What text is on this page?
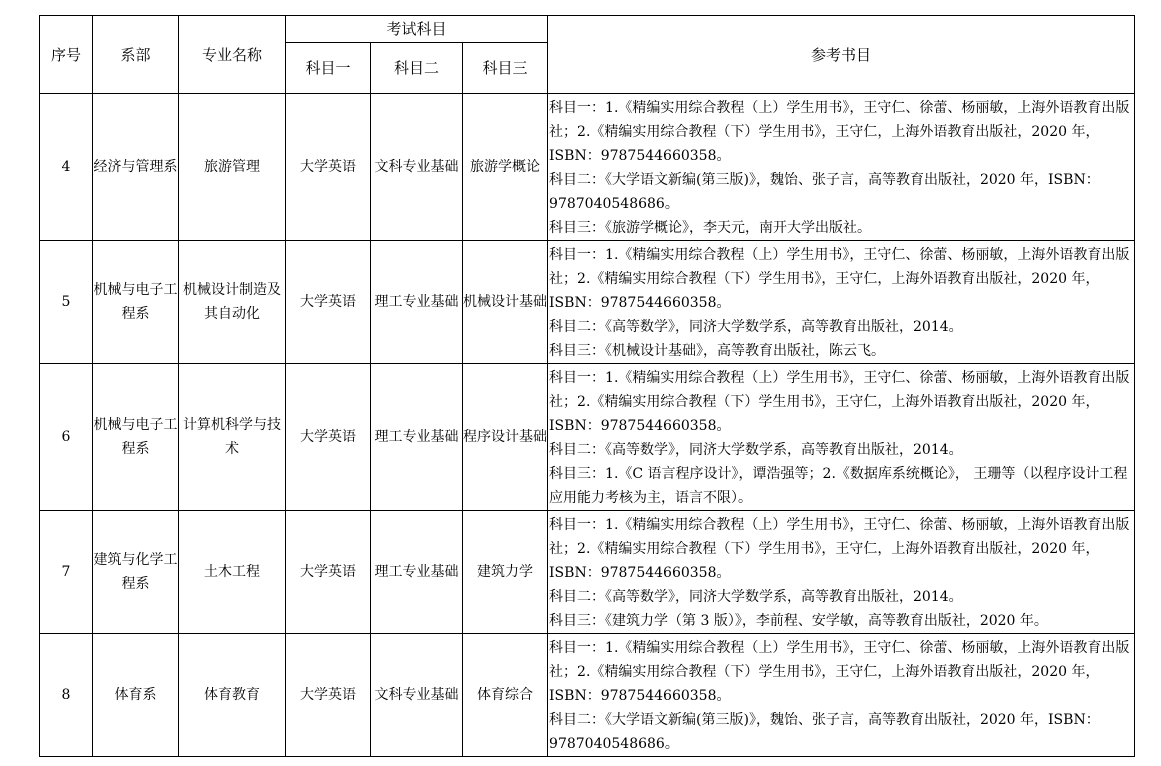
序号	系部	专业名称	考试科目			参考书目
			科目一	科目二	科目三	
4	经济与管理系	旅游管理	大学英语	文科专业基础	旅游学概论	科目一：1.《精编实用综合教程（上）学生用书》，王守仁、徐蕾、杨丽敏，上海外语教育出版社；2.《精编实用综合教程（下）学生用书》，王守仁，上海外语教育出版社，2020 年，ISBN：9787544660358。
科目二：《大学语文新编(第三版)》，魏饴、张子言，高等教育出版社，2020 年，ISBN：9787040548686。
科目三：《旅游学概论》，李天元，南开大学出版社。

5	机械与电子工程系	机械设计制造及其自动化	大学英语	理工专业基础	机械设计基础	科目一：1.《精编实用综合教程（上）学生用书》，王守仁、徐蕾、杨丽敏，上海外语教育出版社；2.《精编实用综合教程（下）学生用书》，王守仁，上海外语教育出版社，2020 年，ISBN：9787544660358。
科目二：《高等数学》，同济大学数学系，高等教育出版社，2014。
科目三：《机械设计基础》，高等教育出版社，陈云飞。

6	机械与电子工程系	计算机科学与技术	大学英语	理工专业基础	程序设计基础	科目一：1.《精编实用综合教程（上）学生用书》，王守仁、徐蕾、杨丽敏，上海外语教育出版社；2.《精编实用综合教程（下）学生用书》，王守仁，上海外语教育出版社，2020 年，ISBN：9787544660358。
科目二：《高等数学》，同济大学数学系，高等教育出版社，2014。
科目三：1.《C 语言程序设计》，谭浩强等；2.《数据库系统概论》， 王珊等（以程序设计工程应用能力考核为主，语言不限）。

7	建筑与化学工程系	土木工程	大学英语	理工专业基础	建筑力学	科目一：1.《精编实用综合教程（上）学生用书》，王守仁、徐蕾、杨丽敏，上海外语教育出版社；2.《精编实用综合教程（下）学生用书》，王守仁，上海外语教育出版社，2020 年，ISBN：9787544660358。
科目二：《高等数学》，同济大学数学系，高等教育出版社，2014。
科目三：《建筑力学（第 3 版）》，李前程、安学敏，高等教育出版社，2020 年。

8	体育系	体育教育	大学英语	文科专业基础	体育综合	科目一：1.《精编实用综合教程（上）学生用书》，王守仁、徐蕾、杨丽敏，上海外语教育出版社；2.《精编实用综合教程（下）学生用书》，王守仁，上海外语教育出版社，2020 年，ISBN：9787544660358。
科目二：《大学语文新编(第三版)》，魏饴、张子言，高等教育出版社，2020 年，ISBN：9787040548686。
